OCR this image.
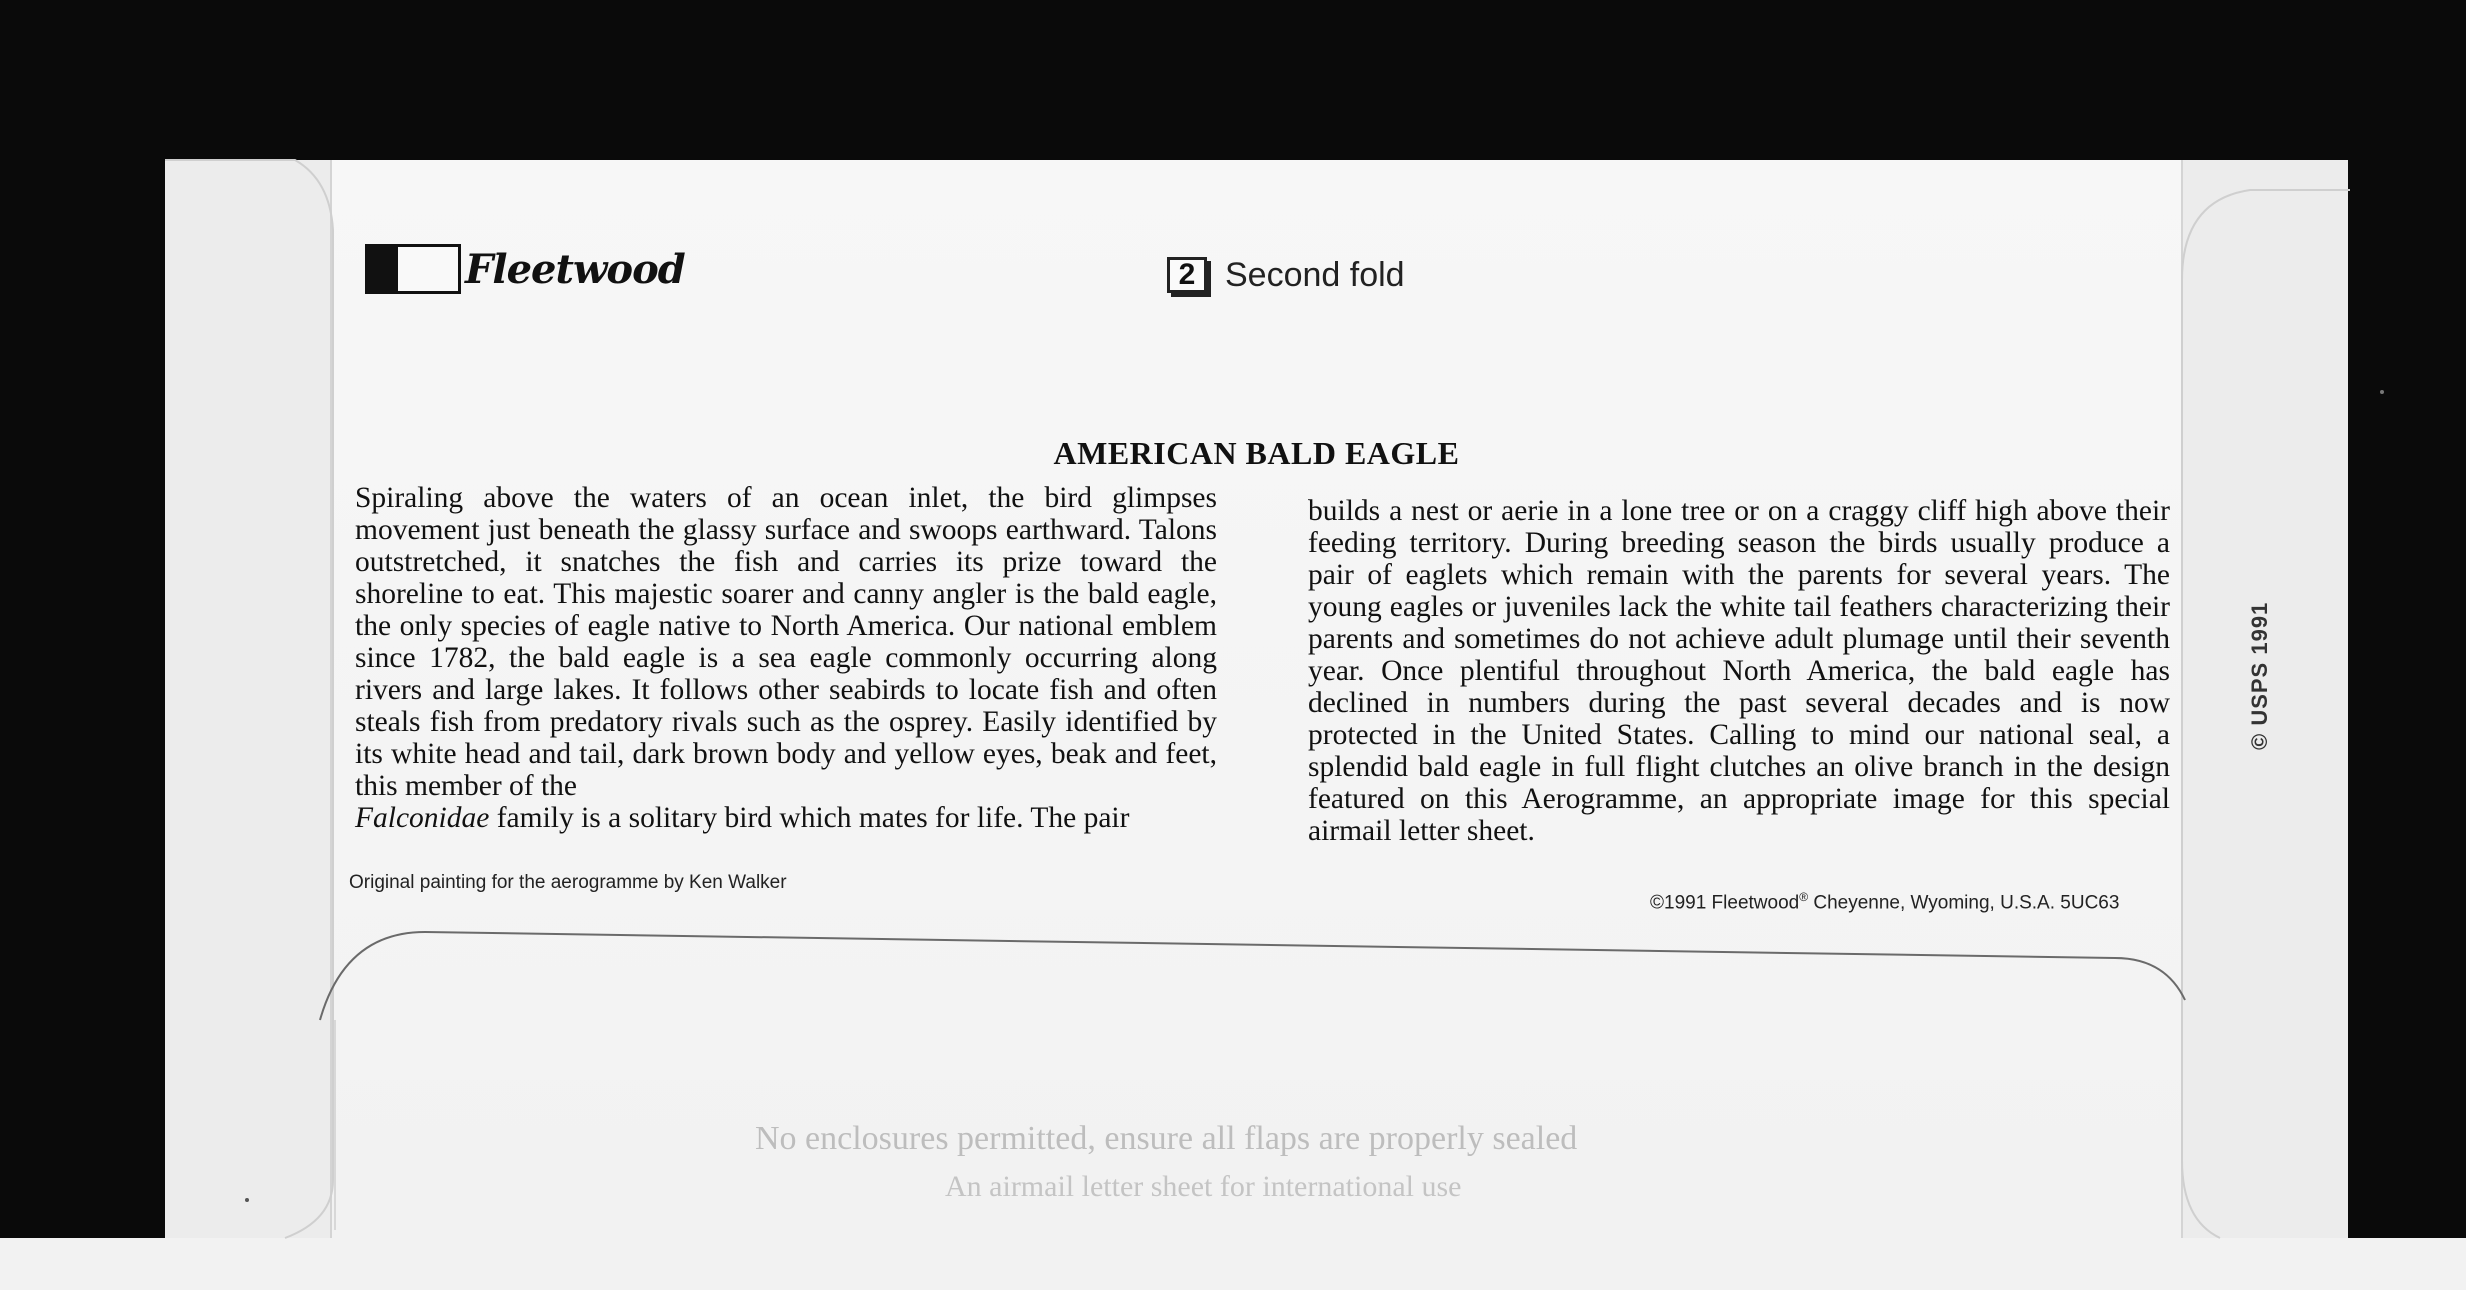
Fleetwood	2 Second fold
AMERICAN BALD EAGLE

Spiraling above the waters of an ocean inlet, the bird glimpses movement just beneath the glassy surface and swoops earthward. Talons outstretched, it snatches the fish and carries its prize toward the shoreline to eat. This majestic soarer and canny angler is the bald eagle, the only species of eagle native to North America. Our national emblem since 1782, the bald eagle is a sea eagle commonly occurring along rivers and large lakes. It follows other seabirds to locate fish and often steals fish from predatory rivals such as the osprey. Easily identified by its white head and tail, dark brown body and yellow eyes, beak and feet, this member of the
Falconidae family is a solitary bird which mates for life. The pair

builds a nest or aerie in a lone tree or on a craggy cliff high above their feeding territory. During breeding season the birds usually produce a pair of eaglets which remain with the parents for several years. The young eagles or juveniles lack the white tail feathers characterizing their parents and sometimes do not achieve adult plumage until their seventh year. Once plentiful throughout North America, the bald eagle has declined in numbers during the past several decades and is now protected in the United States. Calling to mind our national seal, a splendid bald eagle in full flight clutches an olive branch in the design featured on this Aerogramme, an appropriate image for this special airmail letter sheet.

Original painting for the aerogramme by Ken Walker
©1991 Fleetwood® Cheyenne, Wyoming, U.S.A. 5UC63
© USPS 1991
No enclosures permitted, ensure all flaps are properly sealed
An airmail letter sheet for international use
